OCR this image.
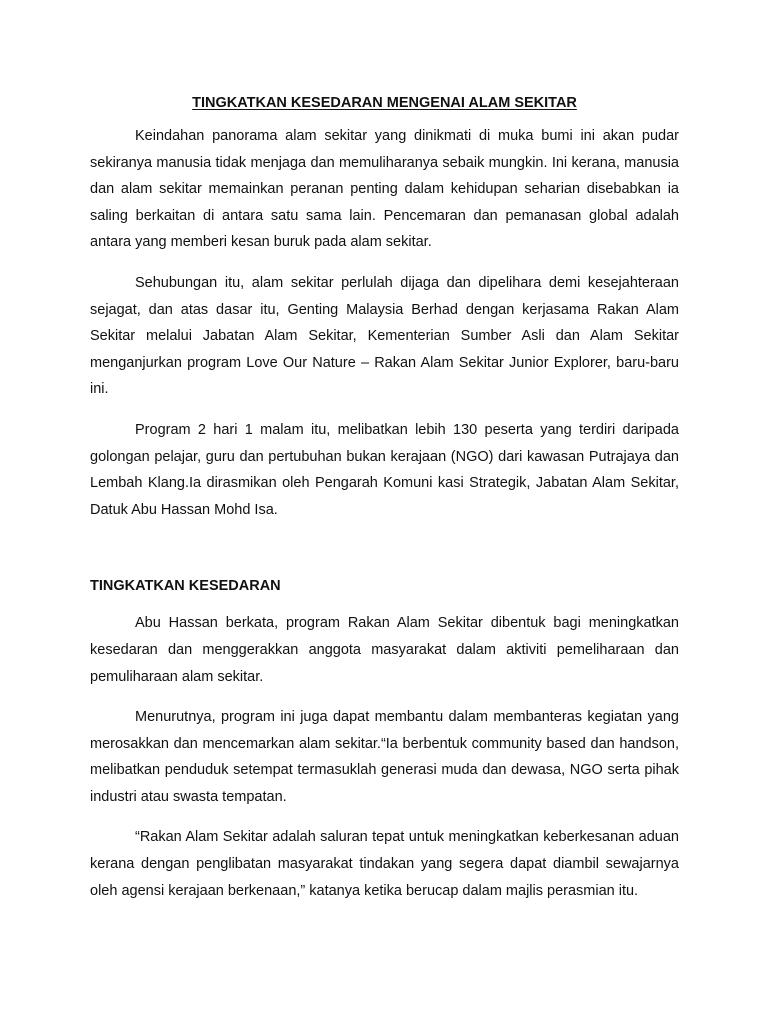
TINGKATKAN KESEDARAN MENGENAI ALAM SEKITAR

Keindahan panorama alam sekitar yang dinikmati di muka bumi ini akan pudar sekiranya manusia tidak menjaga dan memuliharanya sebaik mungkin. Ini kerana, manusia dan alam sekitar memainkan peranan penting dalam kehidupan seharian disebabkan ia saling berkaitan di antara satu sama lain. Pencemaran dan pemanasan global adalah antara yang memberi kesan buruk pada alam sekitar.

Sehubungan itu, alam sekitar perlulah dijaga dan dipelihara demi kesejahteraan sejagat, dan atas dasar itu, Genting Malaysia Berhad dengan kerjasama Rakan Alam Sekitar melalui Jabatan Alam Sekitar, Kementerian Sumber Asli dan Alam Sekitar menganjurkan program Love Our Nature – Rakan Alam Sekitar Junior Explorer, baru-baru ini.

Program 2 hari 1 malam itu, melibatkan lebih 130 peserta yang terdiri daripada golongan pelajar, guru dan pertubuhan bukan kerajaan (NGO) dari kawasan Putrajaya dan Lembah Klang.Ia dirasmikan oleh Pengarah Komuni kasi Strategik, Jabatan Alam Sekitar, Datuk Abu Hassan Mohd Isa.

TINGKATKAN KESEDARAN

Abu Hassan berkata, program Rakan Alam Sekitar dibentuk bagi meningkatkan kesedaran dan menggerakkan anggota masyarakat dalam aktiviti pemeliharaan dan pemuliharaan alam sekitar.

Menurutnya, program ini juga dapat membantu dalam membanteras kegiatan yang merosakkan dan mencemarkan alam sekitar.“Ia berbentuk community based dan handson, melibatkan penduduk setempat termasuklah generasi muda dan dewasa, NGO serta pihak industri atau swasta tempatan.

“Rakan Alam Sekitar adalah saluran tepat untuk meningkatkan keberkesanan aduan kerana dengan penglibatan masyarakat tindakan yang segera dapat diambil sewajarnya oleh agensi kerajaan berkenaan,” katanya ketika berucap dalam majlis perasmian itu.
